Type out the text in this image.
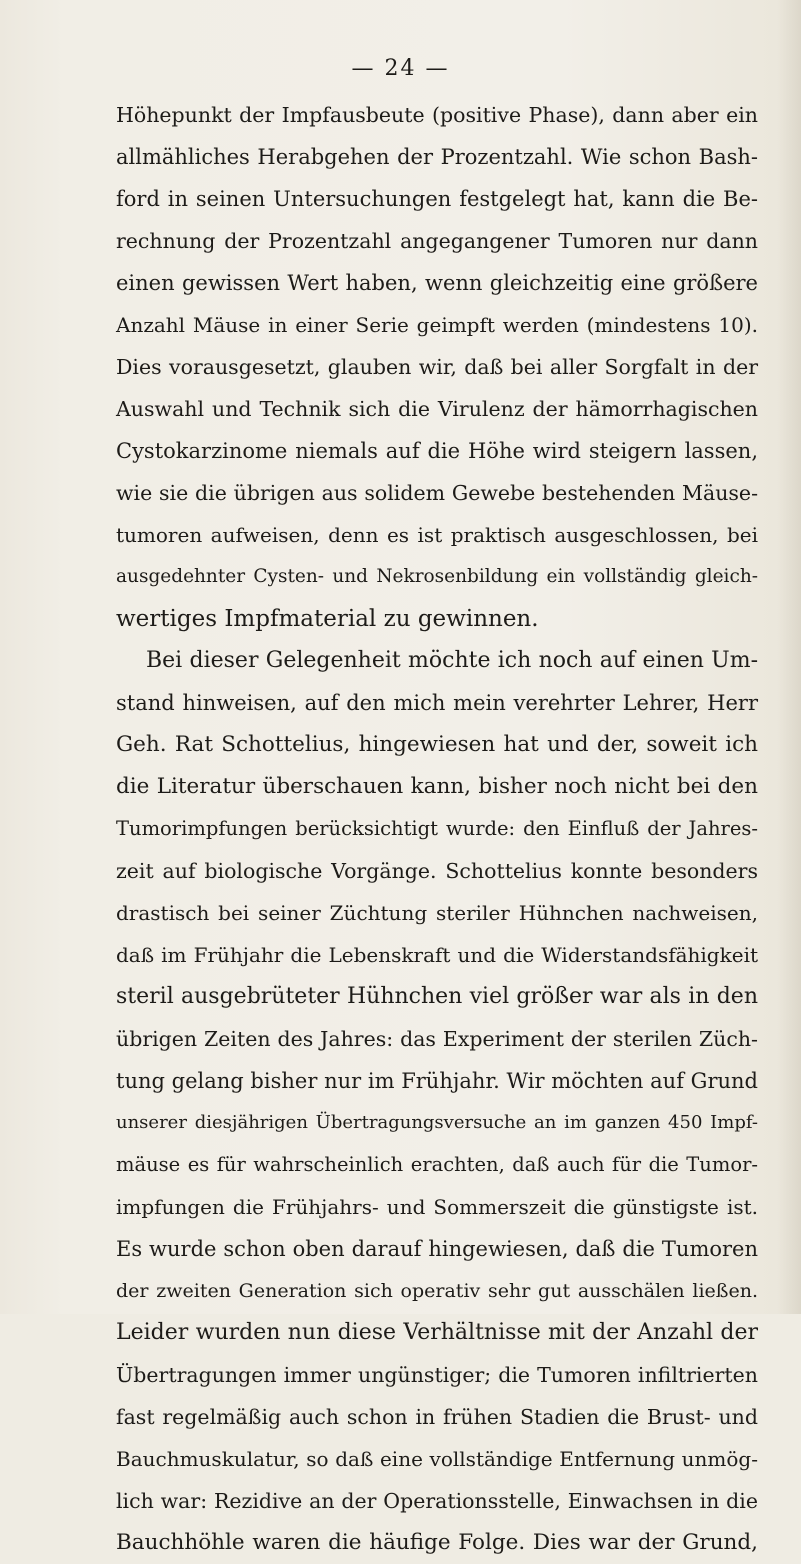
— 24 —
Höhepunkt der Impfausbeute (positive Phase), dann aber ein
allmähliches Herabgehen der Prozentzahl. Wie schon Bash-
ford in seinen Untersuchungen festgelegt hat, kann die Be-
rechnung der Prozentzahl angegangener Tumoren nur dann
einen gewissen Wert haben, wenn gleichzeitig eine größere
Anzahl Mäuse in einer Serie geimpft werden (mindestens 10).
Dies vorausgesetzt, glauben wir, daß bei aller Sorgfalt in der
Auswahl und Technik sich die Virulenz der hämorrhagischen
Cystokarzinome niemals auf die Höhe wird steigern lassen,
wie sie die übrigen aus solidem Gewebe bestehenden Mäuse-
tumoren aufweisen, denn es ist praktisch ausgeschlossen, bei
ausgedehnter Cysten- und Nekrosenbildung ein vollständig gleich-
wertiges Impfmaterial zu gewinnen.
Bei dieser Gelegenheit möchte ich noch auf einen Um-
stand hinweisen, auf den mich mein verehrter Lehrer, Herr
Geh. Rat Schottelius, hingewiesen hat und der, soweit ich
die Literatur überschauen kann, bisher noch nicht bei den
Tumorimpfungen berücksichtigt wurde: den Einfluß der Jahres-
zeit auf biologische Vorgänge. Schottelius konnte besonders
drastisch bei seiner Züchtung steriler Hühnchen nachweisen,
daß im Frühjahr die Lebenskraft und die Widerstandsfähigkeit
steril ausgebrüteter Hühnchen viel größer war als in den
übrigen Zeiten des Jahres: das Experiment der sterilen Züch-
tung gelang bisher nur im Frühjahr. Wir möchten auf Grund
unserer diesjährigen Übertragungsversuche an im ganzen 450 Impf-
mäuse es für wahrscheinlich erachten, daß auch für die Tumor-
impfungen die Frühjahrs- und Sommerszeit die günstigste ist.
Es wurde schon oben darauf hingewiesen, daß die Tumoren
der zweiten Generation sich operativ sehr gut ausschälen ließen.
Leider wurden nun diese Verhältnisse mit der Anzahl der
Übertragungen immer ungünstiger; die Tumoren infiltrierten
fast regelmäßig auch schon in frühen Stadien die Brust- und
Bauchmuskulatur, so daß eine vollständige Entfernung unmög-
lich war: Rezidive an der Operationsstelle, Einwachsen in die
Bauchhöhle waren die häufige Folge. Dies war der Grund,
